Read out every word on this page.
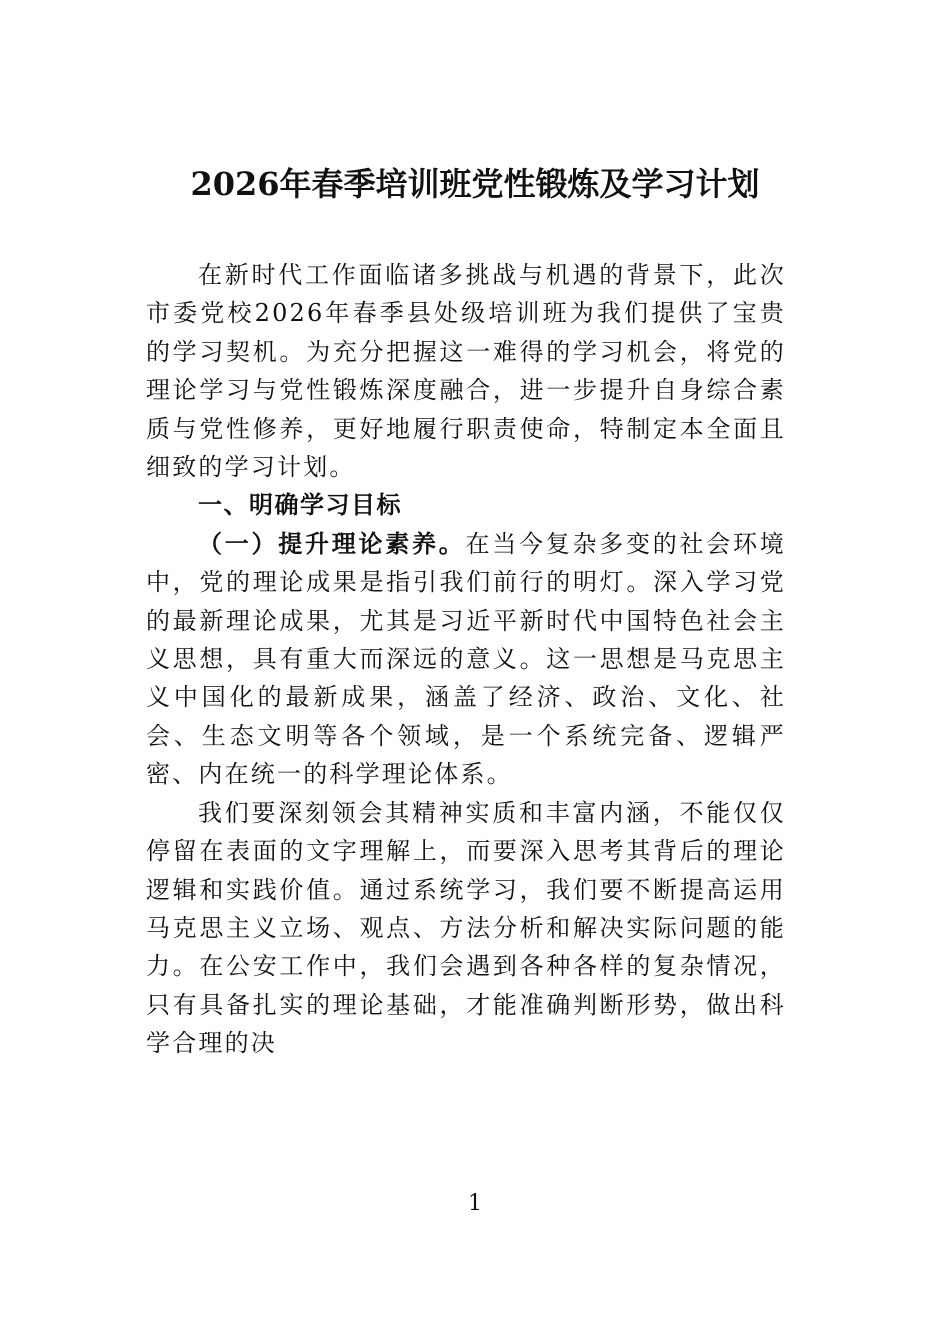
2026年春季培训班党性锻炼及学习计划

在新时代工作面临诸多挑战与机遇的背景下，此次市委党校2026年春季县处级培训班为我们提供了宝贵的学习契机。为充分把握这一难得的学习机会，将党的理论学习与党性锻炼深度融合，进一步提升自身综合素质与党性修养，更好地履行职责使命，特制定本全面且细致的学习计划。

一、明确学习目标

（一）提升理论素养。在当今复杂多变的社会环境中，党的理论成果是指引我们前行的明灯。深入学习党的最新理论成果，尤其是习近平新时代中国特色社会主义思想，具有重大而深远的意义。这一思想是马克思主义中国化的最新成果，涵盖了经济、政治、文化、社会、生态文明等各个领域，是一个系统完备、逻辑严密、内在统一的科学理论体系。

我们要深刻领会其精神实质和丰富内涵，不能仅仅停留在表面的文字理解上，而要深入思考其背后的理论逻辑和实践价值。通过系统学习，我们要不断提高运用马克思主义立场、观点、方法分析和解决实际问题的能力。在公安工作中，我们会遇到各种各样的复杂情况，只有具备扎实的理论基础，才能准确判断形势，做出科学合理的决

1
